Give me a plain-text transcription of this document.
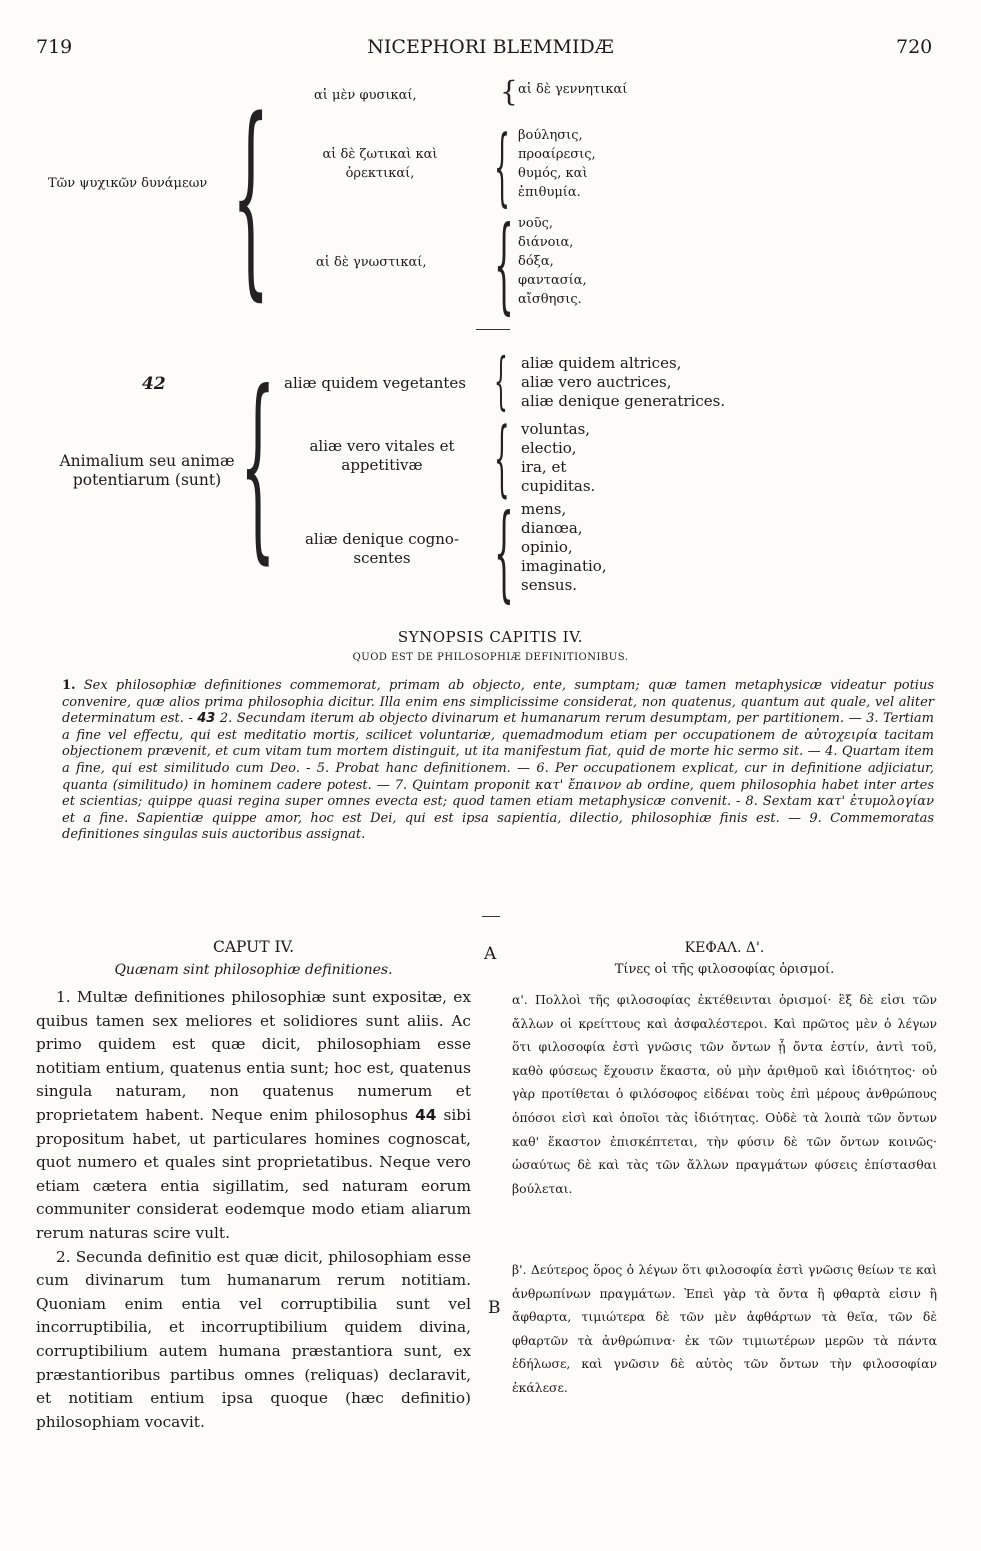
719	NICEPHORI BLEMMIDÆ	720
Τῶν ψυχικῶν δυνάμεων {	αἱ μὲν φυσικαί,	{ αἱ δὲ γεννητικαί
αἱ δὲ ζωτικαὶ καὶ ὀρεκτικαί, { βούλησις,
προαίρεσις,
θυμός, καὶ
ἐπιθυμία.
αἱ δὲ γνωστικαί, { νοῦς,
διάνοια,
δόξα,
φαντασία,
αἴσθησις.
42
Animalium seu animæ
potentiarum (sunt) { aliæ quidem vegetantes { aliæ quidem altrices,
aliæ vero auctrices,
aliæ denique generatrices.
aliæ vero vitales et
appetitivæ { voluntas,
electio,
ira, et
cupiditas.
aliæ denique cogno-
scentes { mens,
dianœa,
opinio,
imaginatio,
sensus.
SYNOPSIS CAPITIS IV.
QUOD EST DE PHILOSOPHIÆ DEFINITIONIBUS.
1. Sex philosophiæ definitiones commemorat, primam ab objecto, ente, sumptam; quæ tamen metaphysicæ videatur potius convenire, quæ alios prima philosophia dicitur. Illa enim ens simplicissime considerat, non quatenus, quantum aut quale, vel aliter determinatum est. - 43 2. Secundam iterum ab objecto divinarum et humanarum rerum desumptam, per partitionem. — 3. Tertiam a fine vel effectu, qui est meditatio mortis, scilicet voluntariæ, quemadmodum etiam per occupationem de αὐτοχειρία tacitam objectionem prævenit, et cum vitam tum mortem distinguit, ut ita manifestum fiat, quid de morte hic sermo sit. — 4. Quartam item a fine, qui est similitudo cum Deo. - 5. Probat hanc definitionem. — 6. Per occupationem explicat, cur in definitione adjiciatur, quanta (similitudo) in hominem cadere potest. — 7. Quintam proponit κατ' ἔπαινον ab ordine, quem philosophia habet inter artes et scientias; quippe quasi regina super omnes evecta est; quod tamen etiam metaphysicæ convenit. - 8. Sextam κατ' ἐτυμολογίαν et a fine. Sapientiæ quippe amor, hoc est Dei, qui est ipsa sapientia, dilectio, philosophiæ finis est. — 9. Commemoratas definitiones singulas suis auctoribus assignat.
CAPUT IV.
Quænam sint philosophiæ definitiones.

1. Multæ definitiones philosophiæ sunt expositæ, ex quibus tamen sex meliores et solidiores sunt aliis. Ac primo quidem est quæ dicit, philosophiam esse notitiam entium, quatenus entia sunt; hoc est, quatenus singula naturam, non quatenus numerum et proprietatem habent. Neque enim philosophus 44 sibi propositum habet, ut particulares homines cognoscat, quot numero et quales sint proprietatibus. Neque vero etiam cætera entia sigillatim, sed naturam eorum communiter considerat eodemque modo etiam aliarum rerum naturas scire vult.

2. Secunda definitio est quæ dicit, philosophiam esse cum divinarum tum humanarum rerum notitiam. Quoniam enim entia vel corruptibilia sunt vel incorruptibilia, et incorruptibilium quidem divina, corruptibilium autem humana præstantiora sunt, ex præstantioribus partibus omnes (reliquas) declaravit, et notitiam entium ipsa quoque (hæc definitio) philosophiam vocavit.

A
B
ΚΕΦΑΛ. Δ'.
Τίνες οἱ τῆς φιλοσοφίας ὁρισμοί.
α'. Πολλοὶ τῆς φιλοσοφίας ἐκτέθεινται ὁρισμοί· ἓξ δὲ εἰσι τῶν ἄλλων οἱ κρείττους καὶ ἀσφαλέστεροι. Καὶ πρῶτος μὲν ὁ λέγων ὅτι φιλοσοφία ἐστὶ γνῶσις τῶν ὄντων ᾗ ὄντα ἐστίν, ἀντὶ τοῦ, καθὸ φύσεως ἔχουσιν ἕκαστα, οὐ μὴν ἀριθμοῦ καὶ ἰδιότητος· οὐ γὰρ προτίθεται ὁ φιλόσοφος εἰδέναι τοὺς ἐπὶ μέρους ἀνθρώπους ὁπόσοι εἰσὶ καὶ ὁποῖοι τὰς ἰδιότητας. Οὐδὲ τὰ λοιπὰ τῶν ὄντων καθ' ἕκαστον ἐπισκέπτεται, τὴν φύσιν δὲ τῶν ὄντων κοινῶς· ὡσαύτως δὲ καὶ τὰς τῶν ἄλλων πραγμάτων φύσεις ἐπίστασθαι βούλεται.
β'. Δεύτερος ὅρος ὁ λέγων ὅτι φιλοσοφία ἐστὶ γνῶσις θείων τε καὶ ἀνθρωπίνων πραγμάτων. Ἐπεὶ γὰρ τὰ ὄντα ἢ φθαρτὰ εἰσιν ἢ ἄφθαρτα, τιμιώτερα δὲ τῶν μὲν ἀφθάρτων τὰ θεῖα, τῶν δὲ φθαρτῶν τὰ ἀνθρώπινα· ἐκ τῶν τιμιωτέρων μερῶν τὰ πάντα ἐδήλωσε, καὶ γνῶσιν δὲ αὐτὸς τῶν ὄντων τὴν φιλοσοφίαν ἐκάλεσε.
